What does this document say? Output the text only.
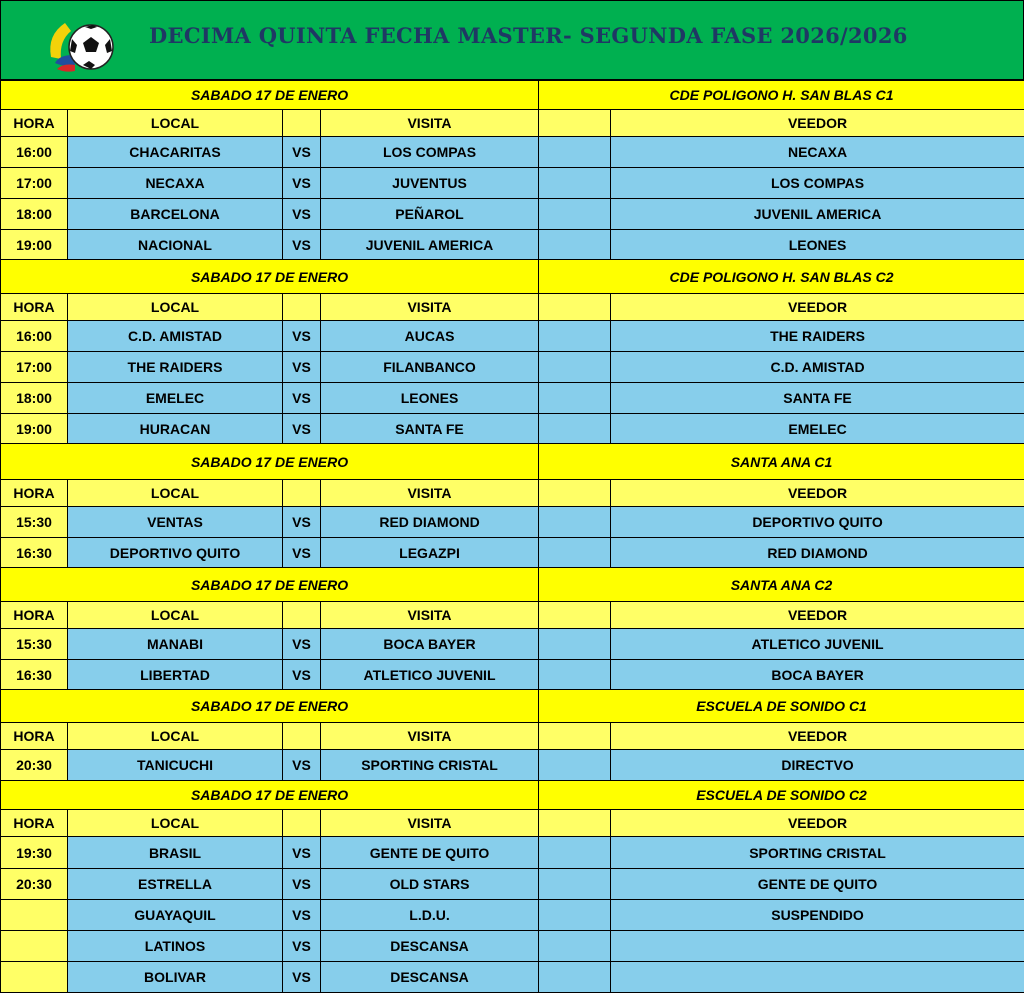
DECIMA QUINTA FECHA MASTER- SEGUNDA FASE 2026/2026
SABADO 17 DE ENERO				CDE POLIGONO H. SAN BLAS C1	
HORA	LOCAL		VISITA		VEEDOR
16:00	CHACARITAS	VS	LOS COMPAS		NECAXA
17:00	NECAXA	VS	JUVENTUS		LOS COMPAS
18:00	BARCELONA	VS	PEÑAROL		JUVENIL AMERICA
19:00	NACIONAL	VS	JUVENIL AMERICA		LEONES
SABADO 17 DE ENERO				CDE POLIGONO H. SAN BLAS C2	
HORA	LOCAL		VISITA		VEEDOR
16:00	C.D. AMISTAD	VS	AUCAS		THE RAIDERS
17:00	THE RAIDERS	VS	FILANBANCO		C.D. AMISTAD
18:00	EMELEC	VS	LEONES		SANTA FE
19:00	HURACAN	VS	SANTA FE		EMELEC
SABADO 17 DE ENERO				SANTA ANA C1	
HORA	LOCAL		VISITA		VEEDOR
15:30	VENTAS	VS	RED DIAMOND		DEPORTIVO QUITO
16:30	DEPORTIVO QUITO	VS	LEGAZPI		RED DIAMOND
SABADO 17 DE ENERO				SANTA ANA C2	
HORA	LOCAL		VISITA		VEEDOR
15:30	MANABI	VS	BOCA BAYER		ATLETICO JUVENIL
16:30	LIBERTAD	VS	ATLETICO JUVENIL		BOCA BAYER
SABADO 17 DE ENERO				ESCUELA DE SONIDO C1	
HORA	LOCAL		VISITA		VEEDOR
20:30	TANICUCHI	VS	SPORTING CRISTAL		DIRECTVO
SABADO 17 DE ENERO				ESCUELA DE SONIDO C2	
HORA	LOCAL		VISITA		VEEDOR
19:30	BRASIL	VS	GENTE DE QUITO		SPORTING CRISTAL
20:30	ESTRELLA	VS	OLD STARS		GENTE DE QUITO
	GUAYAQUIL	VS	L.D.U.		SUSPENDIDO
	LATINOS	VS	DESCANSA		
	BOLIVAR	VS	DESCANSA		
